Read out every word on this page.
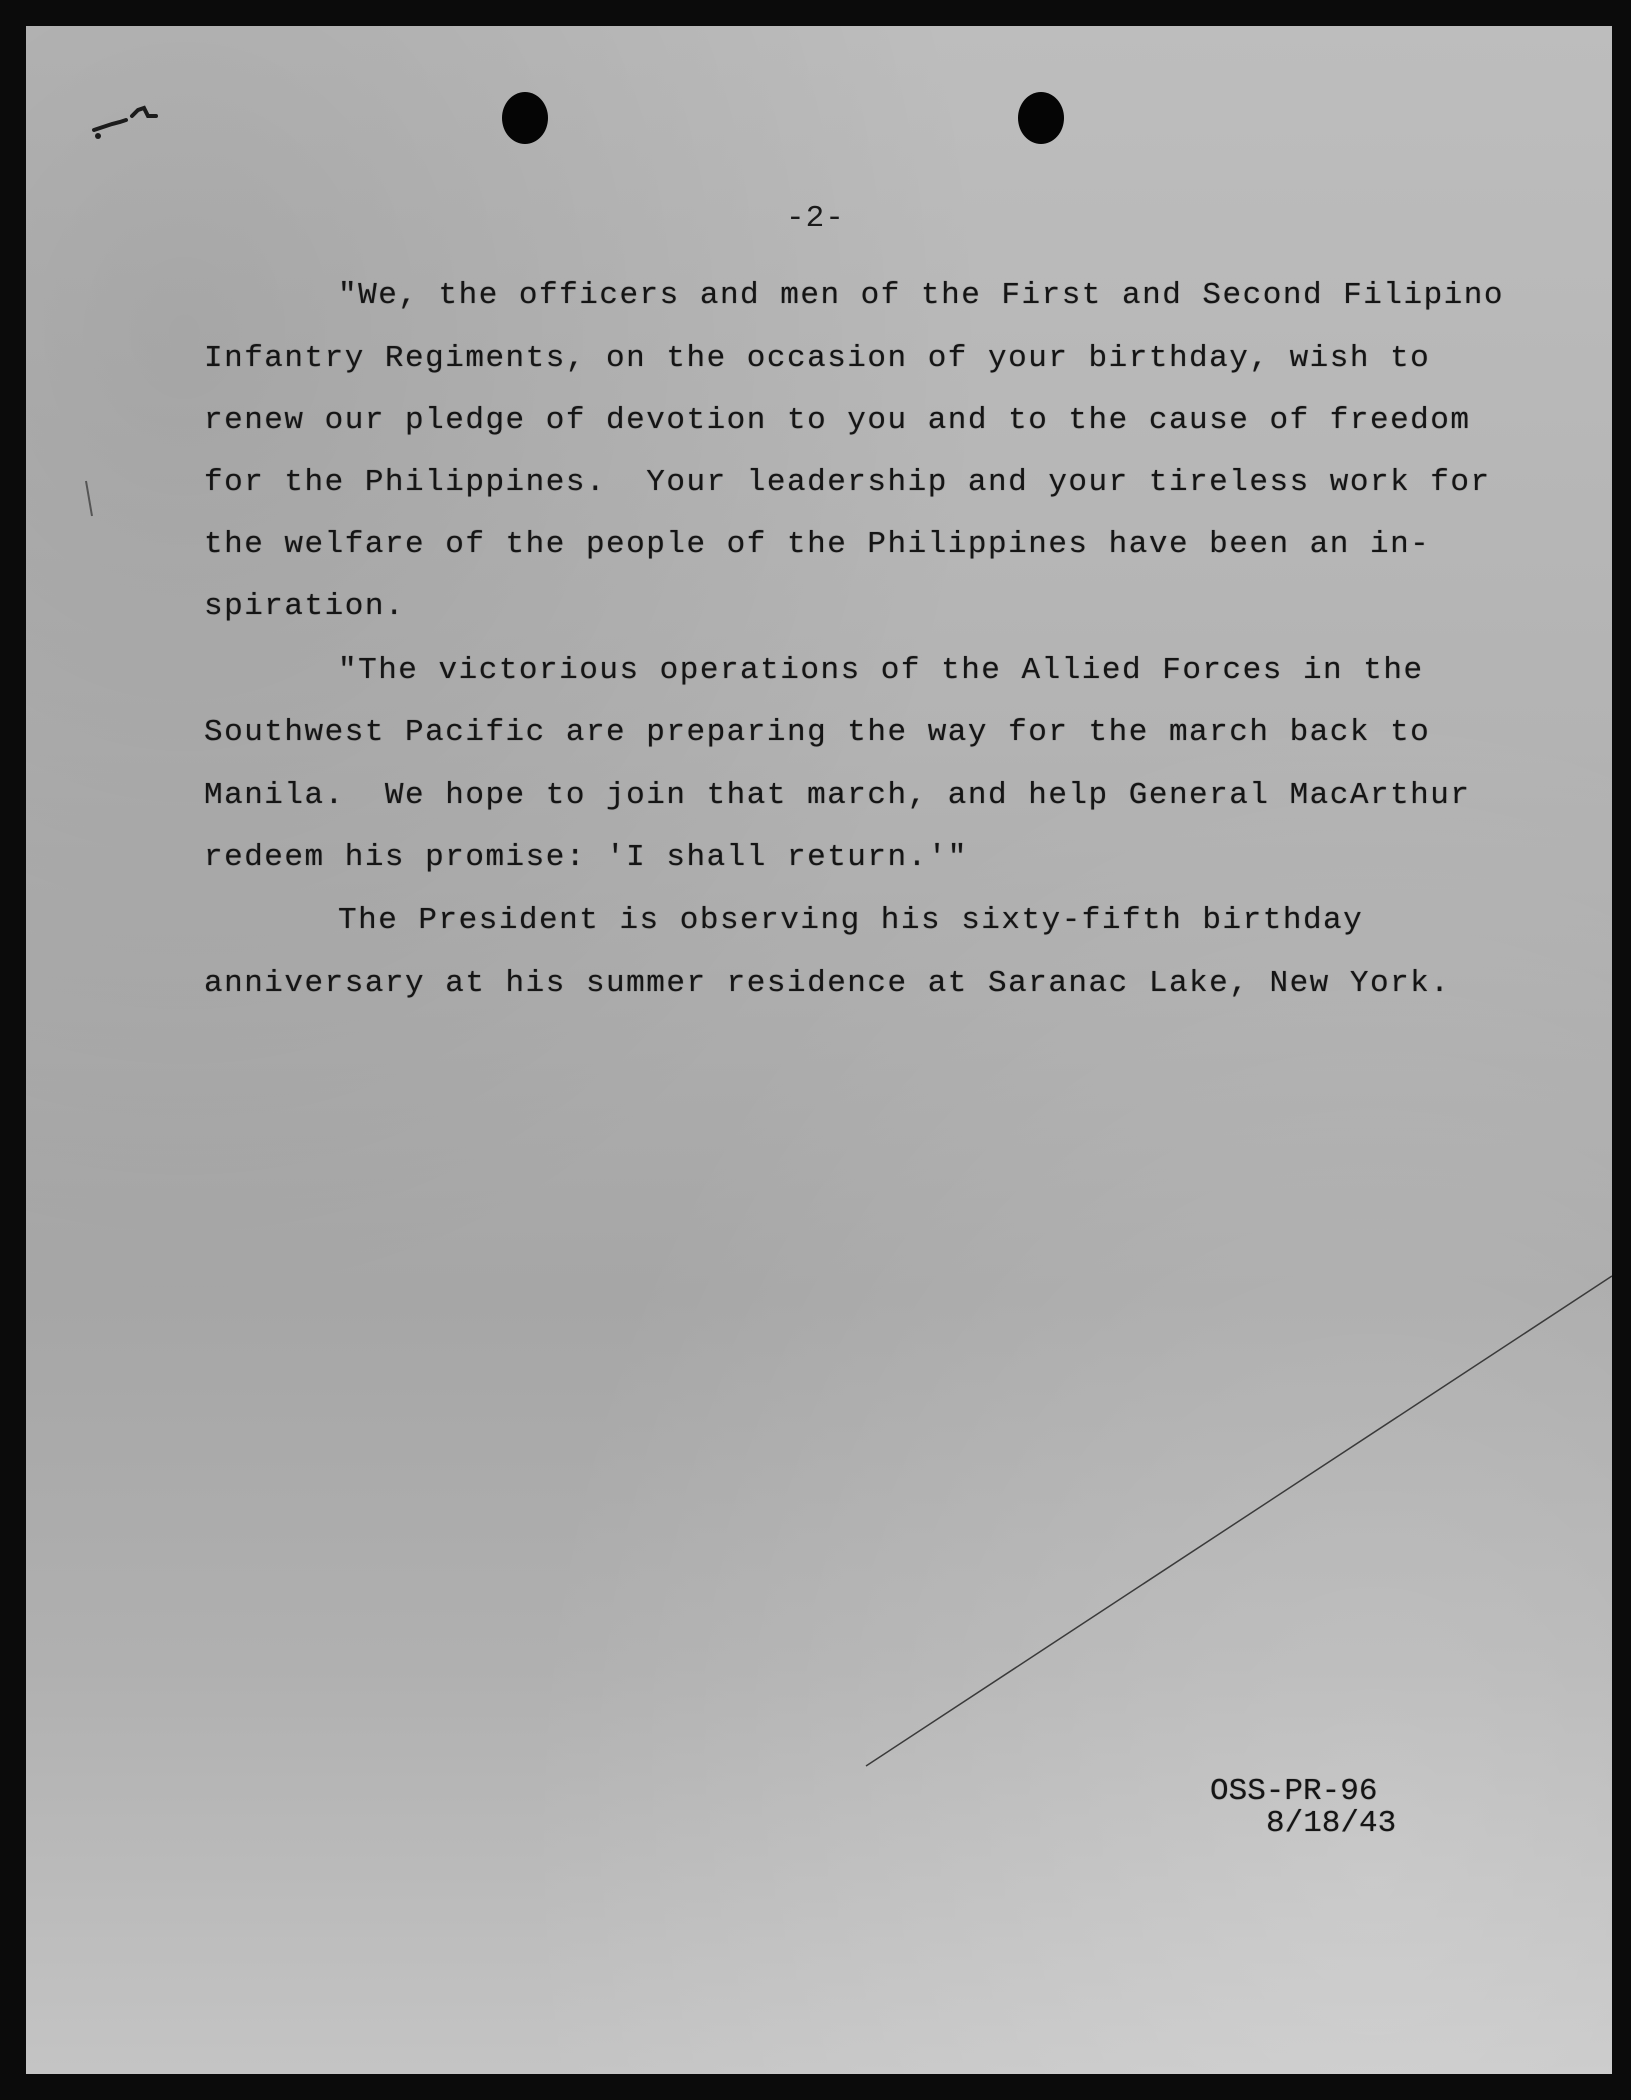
-2-
"We, the officers and men of the First and Second Filipino
Infantry Regiments, on the occasion of your birthday, wish to
renew our pledge of devotion to you and to the cause of freedom
for the Philippines.  Your leadership and your tireless work for
the welfare of the people of the Philippines have been an in-
spiration.
"The victorious operations of the Allied Forces in the
Southwest Pacific are preparing the way for the march back to
Manila.  We hope to join that march, and help General MacArthur
redeem his promise: 'I shall return.'"
The President is observing his sixty-fifth birthday
anniversary at his summer residence at Saranac Lake, New York.
OSS-PR-96
8/18/43
